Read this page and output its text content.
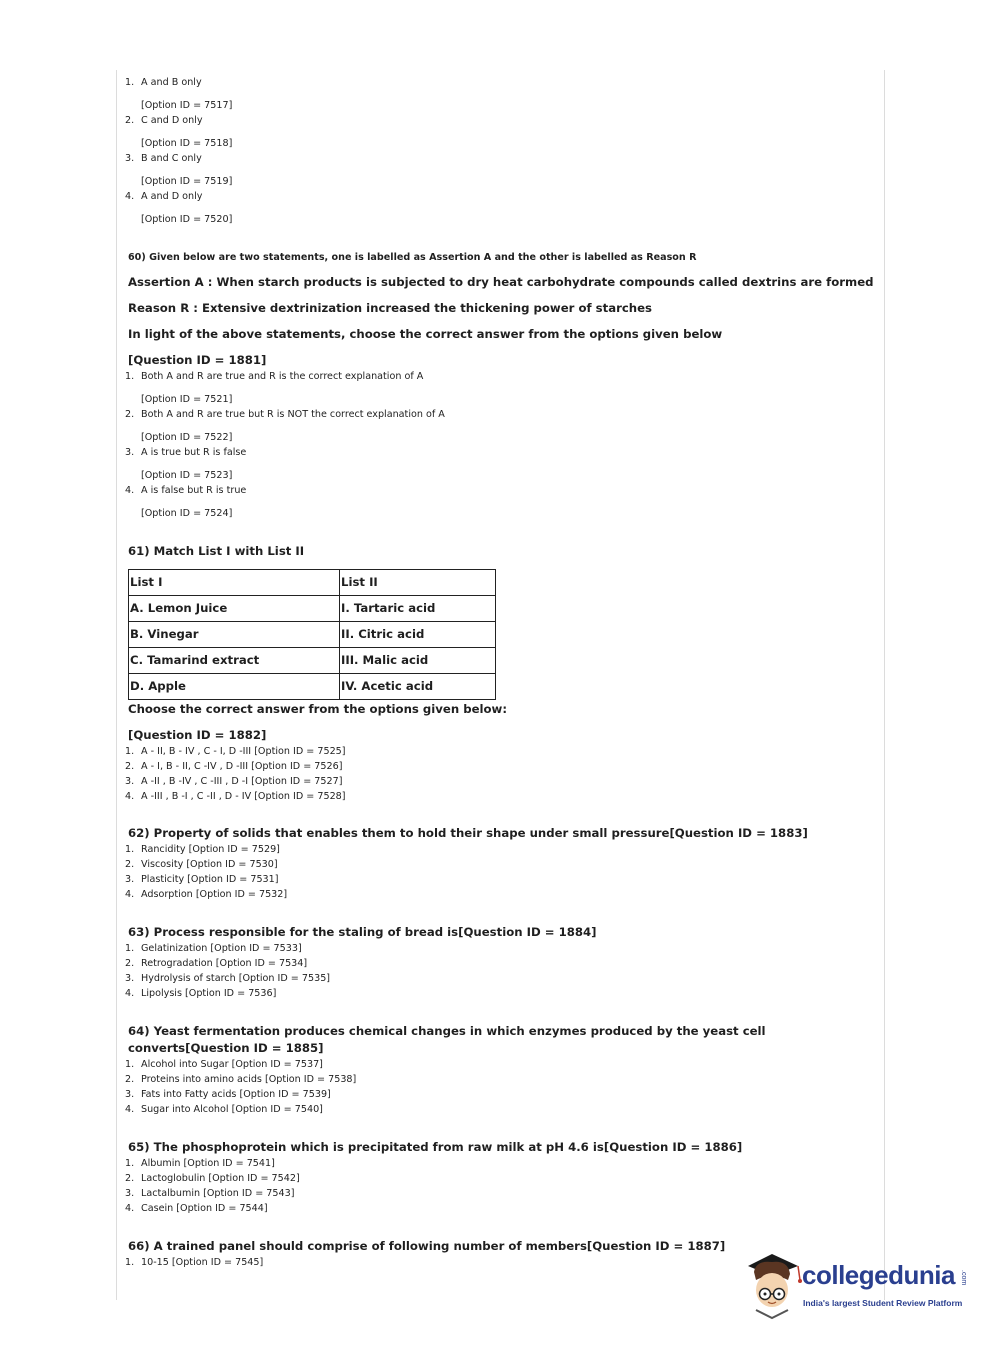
1. A and B only
[Option ID = 7517]
2. C and D only
[Option ID = 7518]
3. B and C only
[Option ID = 7519]
4. A and D only
[Option ID = 7520]
60) Given below are two statements, one is labelled as Assertion A and the other is labelled as Reason R
Assertion A : When starch products is subjected to dry heat carbohydrate compounds called dextrins are formed
Reason R : Extensive dextrinization increased the thickening power of starches
In light of the above statements, choose the correct answer from the options given below
[Question ID = 1881]
1. Both A and R are true and R is the correct explanation of A
[Option ID = 7521]
2. Both A and R are true but R is NOT the correct explanation of A
[Option ID = 7522]
3. A is true but R is false
[Option ID = 7523]
4. A is false but R is true
[Option ID = 7524]
61) Match List I with List II
List I	List II
A. Lemon Juice	I. Tartaric acid
B. Vinegar	II. Citric acid
C. Tamarind extract	III. Malic acid
D. Apple	IV. Acetic acid
Choose the correct answer from the options given below:
[Question ID = 1882]
1. A - II, B - IV , C - I, D -III [Option ID = 7525]
2. A - I, B - II, C -IV , D -III [Option ID = 7526]
3. A -II , B -IV , C -III , D -I [Option ID = 7527]
4. A -III , B -I , C -II , D - IV [Option ID = 7528]
62) Property of solids that enables them to hold their shape under small pressure[Question ID = 1883]
1. Rancidity [Option ID = 7529]
2. Viscosity [Option ID = 7530]
3. Plasticity [Option ID = 7531]
4. Adsorption [Option ID = 7532]
63) Process responsible for the staling of bread is[Question ID = 1884]
1. Gelatinization [Option ID = 7533]
2. Retrogradation [Option ID = 7534]
3. Hydrolysis of starch [Option ID = 7535]
4. Lipolysis [Option ID = 7536]
64) Yeast fermentation produces chemical changes in which enzymes produced by the yeast cell converts[Question ID = 1885]
1. Alcohol into Sugar [Option ID = 7537]
2. Proteins into amino acids [Option ID = 7538]
3. Fats into Fatty acids [Option ID = 7539]
4. Sugar into Alcohol [Option ID = 7540]
65) The phosphoprotein which is precipitated from raw milk at pH 4.6 is[Question ID = 1886]
1. Albumin [Option ID = 7541]
2. Lactoglobulin [Option ID = 7542]
3. Lactalbumin [Option ID = 7543]
4. Casein [Option ID = 7544]
66) A trained panel should comprise of following number of members[Question ID = 1887]
1. 10-15 [Option ID = 7545]	collegedunia .com
India's largest Student Review Platform
